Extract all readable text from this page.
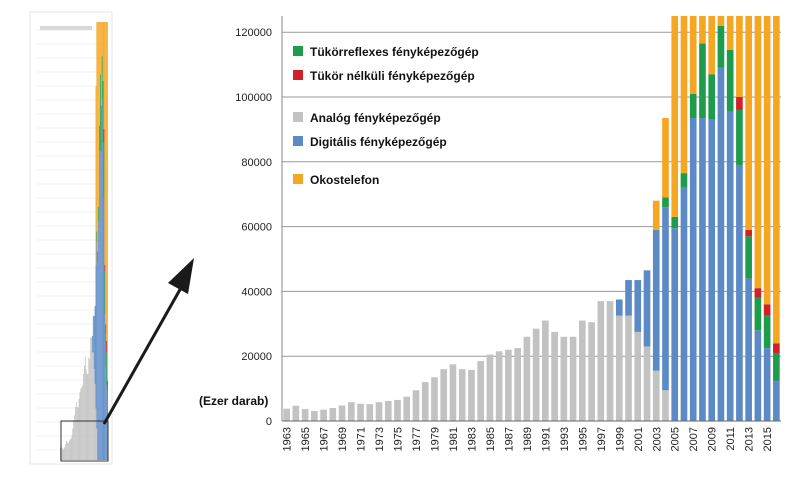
0
20000
40000
60000
80000
100000
120000
1963 1965 1967 1969 1971 1973 1975 1977 1979 1981 1983 1985 1987 1989 1991 1993 1995 1997 1999 2001 2003 2005 2007 2009 2011 2013 2015
Tükörreflexes fényképezőgép
Tükör nélküli fényképezőgép
Analóg fényképezőgép
Digitális fényképezőgép
Okostelefon
(Ezer darab)
